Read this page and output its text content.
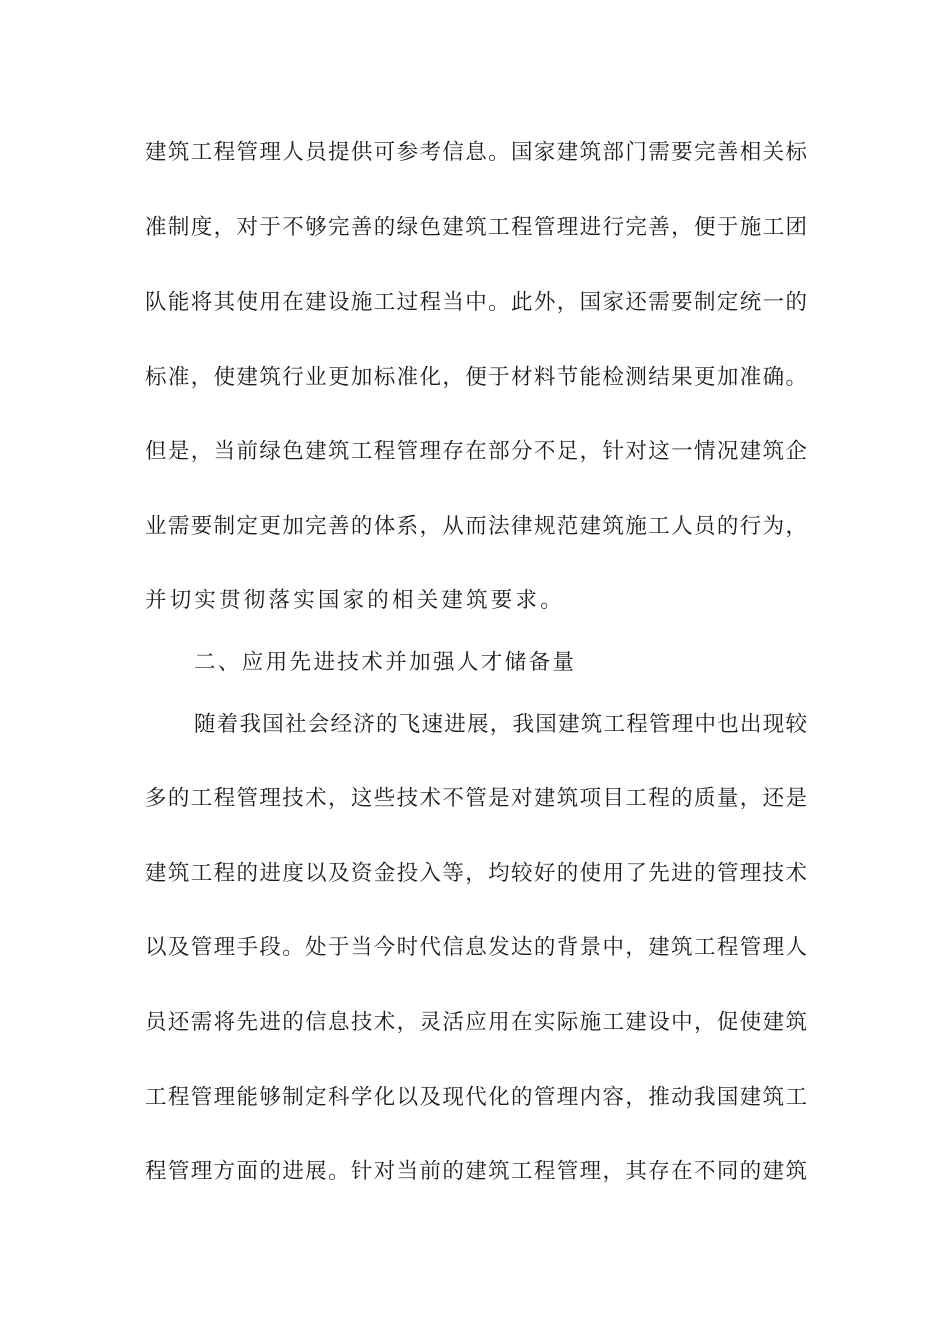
建筑工程管理人员提供可参考信息。国家建筑部门需要完善相关标
准制度，对于不够完善的绿色建筑工程管理进行完善，便于施工团
队能将其使用在建设施工过程当中。此外，国家还需要制定统一的
标准，使建筑行业更加标准化，便于材料节能检测结果更加准确。
但是，当前绿色建筑工程管理存在部分不足，针对这一情况建筑企
业需要制定更加完善的体系，从而法律规范建筑施工人员的行为，
并切实贯彻落实国家的相关建筑要求。
二、应用先进技术并加强人才储备量
随着我国社会经济的飞速进展，我国建筑工程管理中也出现较
多的工程管理技术，这些技术不管是对建筑项目工程的质量，还是
建筑工程的进度以及资金投入等，均较好的使用了先进的管理技术
以及管理手段。处于当今时代信息发达的背景中，建筑工程管理人
员还需将先进的信息技术，灵活应用在实际施工建设中，促使建筑
工程管理能够制定科学化以及现代化的管理内容，推动我国建筑工
程管理方面的进展。针对当前的建筑工程管理，其存在不同的建筑
